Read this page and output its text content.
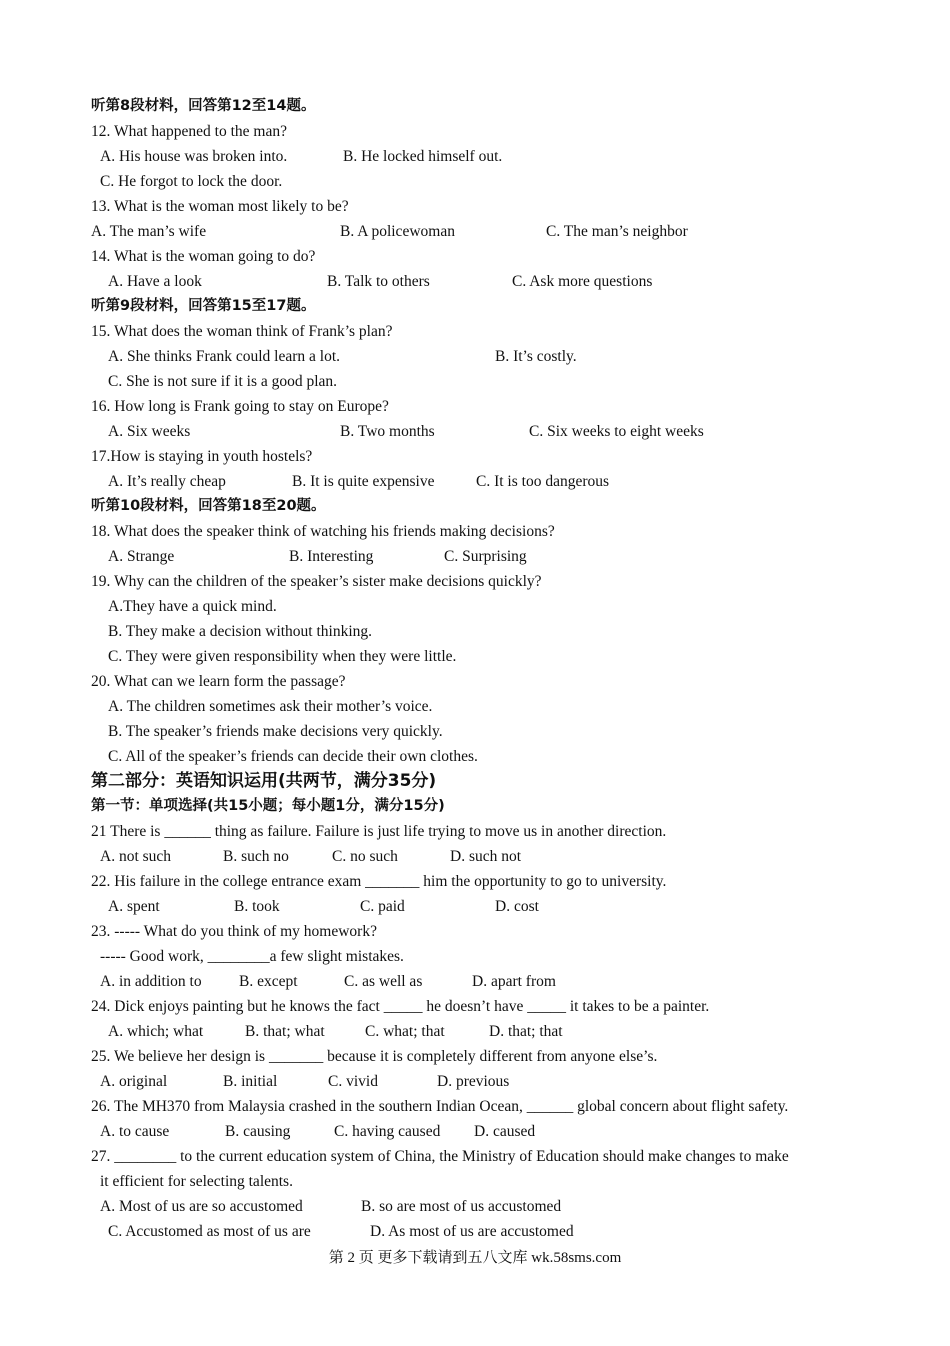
听第8段材料，回答第12至14题。
12. What happened to the man?
A. His house was broken into.	B. He locked himself out.
C. He forgot to lock the door.
13. What is the woman most likely to be?
A. The man’s wife	B. A policewoman	C. The man’s neighbor
14. What is the woman going to do?
A. Have a look	B. Talk to others	C. Ask more questions
听第9段材料，回答第15至17题。
15. What does the woman think of Frank’s plan?
A. She thinks Frank could learn a lot.	B. It’s costly.
C. She is not sure if it is a good plan.
16. How long is Frank going to stay on Europe?
A. Six weeks	B. Two months	C. Six weeks to eight weeks
17.How is staying in youth hostels?
A. It’s really cheap	B. It is quite expensive	C. It is too dangerous
听第10段材料，回答第18至20题。
18. What does the speaker think of watching his friends making decisions?
A. Strange	B. Interesting	C. Surprising
19. Why can the children of the speaker’s sister make decisions quickly?
A.They have a quick mind.
B. They make a decision without thinking.
C. They were given responsibility when they were little.
20. What can we learn form the passage?
A. The children sometimes ask their mother’s voice.
B. The speaker’s friends make decisions very quickly.
C. All of the speaker’s friends can decide their own clothes.
第二部分：英语知识运用(共两节，满分35分)
第一节：单项选择(共15小题；每小题1分，满分15分)
21 There is ______ thing as failure. Failure is just life trying to move us in another direction.
A. not such	B. such no	C. no such	D. such not
22. His failure in the college entrance exam _______ him the opportunity to go to university.
A. spent	B. took	C. paid	D. cost
23. ----- What do you think of my homework?
----- Good work, ________a few slight mistakes.
A. in addition to B. except	C. as well as	D. apart from
24. Dick enjoys painting but he knows the fact _____ he doesn’t have _____ it takes to be a painter.
A. which; what	B. that; what	C. what; that	D. that; that
25. We believe her design is _______ because it is completely different from anyone else’s.
A. original	B. initial	C. vivid	D. previous
26. The MH370 from Malaysia crashed in the southern Indian Ocean, ______ global concern about flight safety.
A. to cause	B. causing	C. having caused D. caused
27. ________ to the current education system of China, the Ministry of Education should make changes to make
it efficient for selecting talents.
A. Most of us are so accustomed	B. so are most of us accustomed
C. Accustomed as most of us are	D. As most of us are accustomed
第 2 页 更多下载请到五八文库 wk.58sms.com
